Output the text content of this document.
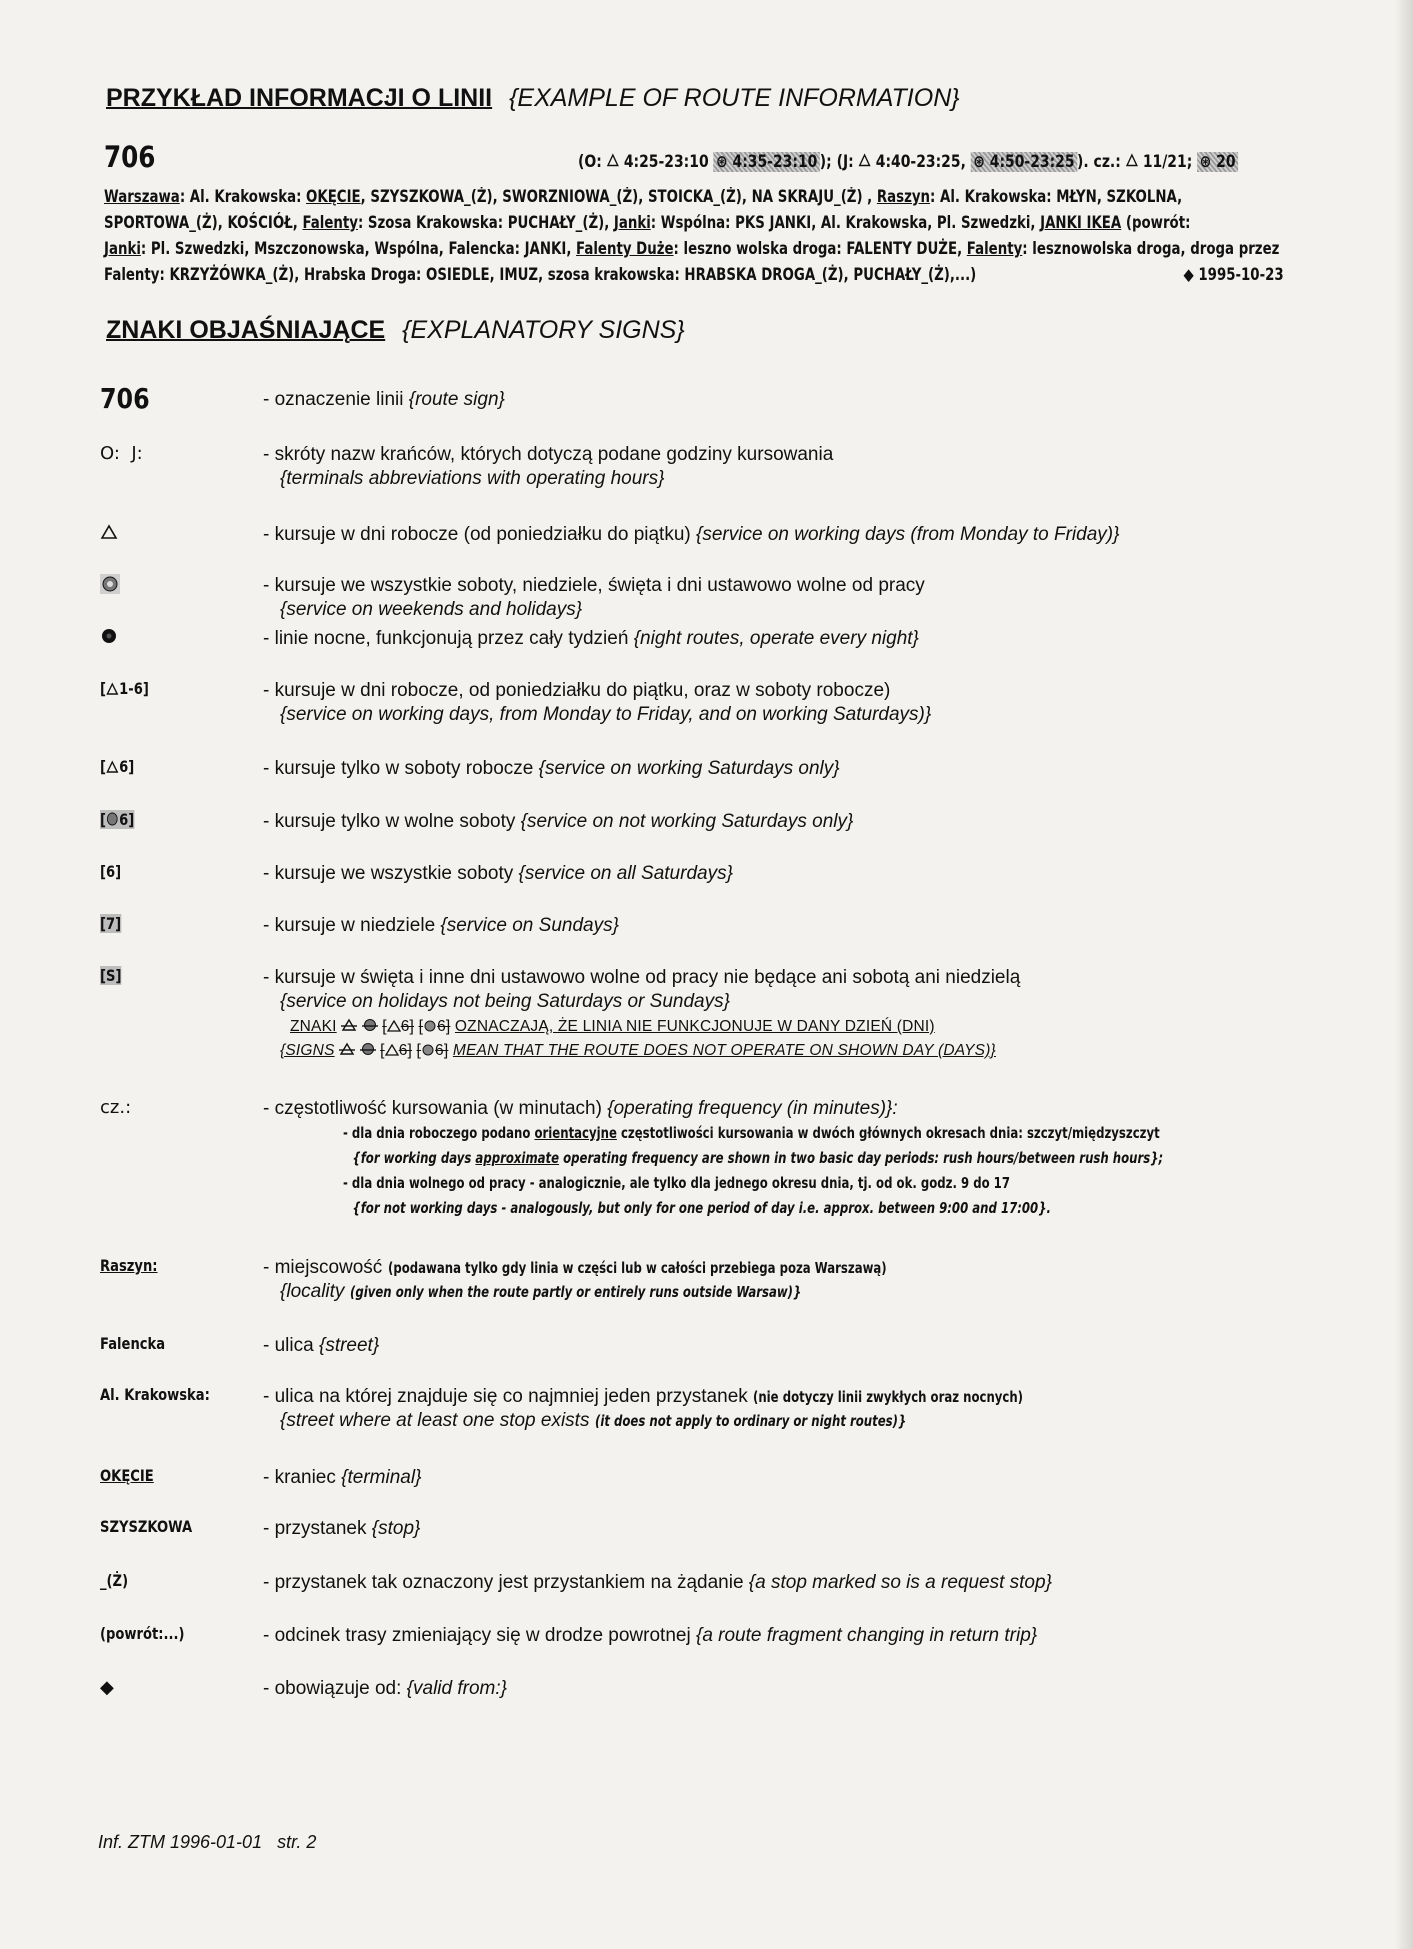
PRZYKŁAD INFORMACJI O LINII {EXAMPLE OF ROUTE INFORMATION}
706	(O: 4:25-23:10 ⊛ 4:35-23:10 ); (J: 4:40-23:25, ⊛ 4:50-23:25 ). cz.: 11/21; ⊛ 20
Warszawa: Al. Krakowska: OKĘCIE, SZYSZKOWA_(Ż), SWORZNIOWA_(Ż), STOICKA_(Ż), NA SKRAJU_(Ż) , Raszyn: Al. Krakowska: MŁYN, SZKOLNA,
SPORTOWA_(Ż), KOŚCIÓŁ, Falenty: Szosa Krakowska: PUCHAŁY_(Ż), Janki: Wspólna: PKS JANKI, Al. Krakowska, Pl. Szwedzki, JANKI IKEA (powrót:
Janki: Pl. Szwedzki, Mszczonowska, Wspólna, Falencka: JANKI, Falenty Duże: leszno wolska droga: FALENTY DUŻE, Falenty: lesznowolska droga, droga przez
Falenty: KRZYŻÓWKA_(Ż), Hrabska Droga: OSIEDLE, IMUZ, szosa krakowska: HRABSKA DROGA_(Ż), PUCHAŁY_(Ż),...)	◆ 1995-10-23
ZNAKI OBJAŚNIAJĄCE {EXPLANATORY SIGNS}
706	- oznaczenie linii {route sign}
O:  J:	- skróty nazw krańców, których dotyczą podane godziny kursowania
{terminals abbreviations with operating hours}
- kursuje w dni robocze (od poniedziałku do piątku) {service on working days (from Monday to Friday)}
- kursuje we wszystkie soboty, niedziele, święta i dni ustawowo wolne od pracy
{service on weekends and holidays}
- linie nocne, funkcjonują przez cały tydzień {night routes, operate every night}
[ 1-6]	- kursuje w dni robocze, od poniedziałku do piątku, oraz w soboty robocze)
{service on working days, from Monday to Friday, and on working Saturdays)}
[ 6]	- kursuje tylko w soboty robocze {service on working Saturdays only}
[ 6]	- kursuje tylko w wolne soboty {service on not working Saturdays only}
[6]	- kursuje we wszystkie soboty {service on all Saturdays}
[7]	- kursuje w niedziele {service on Sundays}
[S]	- kursuje w święta i inne dni ustawowo wolne od pracy nie będące ani sobotą ani niedzielą
{service on holidays not being Saturdays or Sundays}
ZNAKI	[ 6] [ 6] OZNACZAJĄ, ŻE LINIA NIE FUNKCJONUJE W DANY DZIEŃ (DNI)
{SIGNS	[ 6] [ 6] MEAN THAT THE ROUTE DOES NOT OPERATE ON SHOWN DAY (DAYS)}
cz.:	- częstotliwość kursowania (w minutach) {operating frequency (in minutes)}:
- dla dnia roboczego podano orientacyjne częstotliwości kursowania w dwóch głównych okresach dnia: szczyt/międzyszczyt
{for working days approximate operating frequency are shown in two basic day periods: rush hours/between rush hours};
- dla dnia wolnego od pracy - analogicznie, ale tylko dla jednego okresu dnia, tj. od ok. godz. 9 do 17
{for not working days - analogously, but only for one period of day i.e. approx. between 9:00 and 17:00}.
Raszyn:	- miejscowość (podawana tylko gdy linia w części lub w całości przebiega poza Warszawą)
{locality (given only when the route partly or entirely runs outside Warsaw)}
Falencka	- ulica {street}
Al. Krakowska:	- ulica na której znajduje się co najmniej jeden przystanek (nie dotyczy linii zwykłych oraz nocnych)
{street where at least one stop exists (it does not apply to ordinary or night routes)}
OKĘCIE	- kraniec {terminal}
SZYSZKOWA	- przystanek {stop}
_(Ż)	- przystanek tak oznaczony jest przystankiem na żądanie {a stop marked so is a request stop}
(powrót:...)	- odcinek trasy zmieniający się w drodze powrotnej {a route fragment changing in return trip}
◆	- obowiązuje od: {valid from:}
Inf. ZTM 1996-01-01   str. 2
